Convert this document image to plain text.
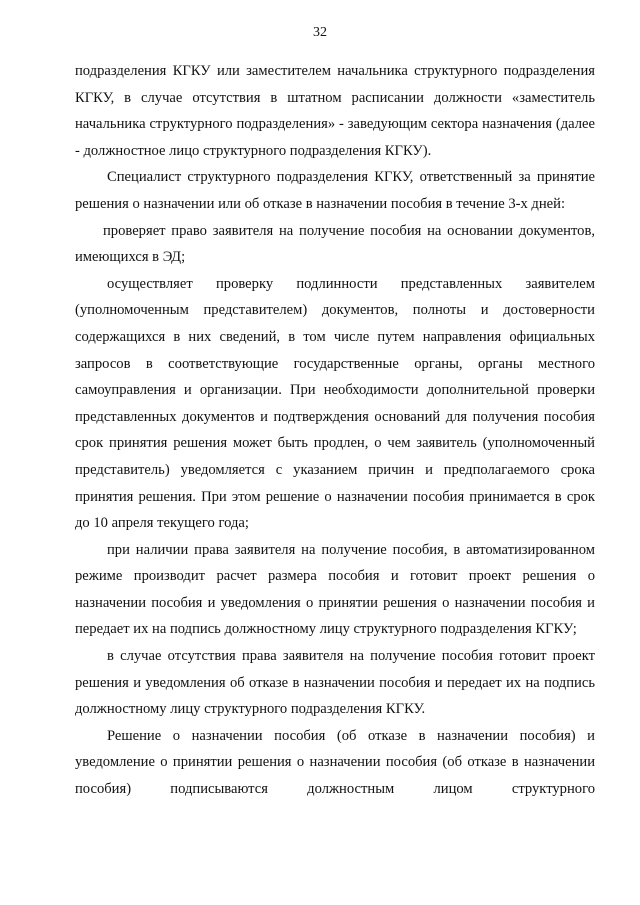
32

подразделения КГКУ или заместителем начальника структурного подразделения КГКУ, в случае отсутствия в штатном расписании должности «заместитель начальника структурного подразделения» - заведующим сектора назначения (далее - должностное лицо структурного подразделения КГКУ).

Специалист структурного подразделения КГКУ, ответственный за принятие решения о назначении или об отказе в назначении пособия в течение 3-х дней:

проверяет право заявителя на получение пособия на основании документов, имеющихся в ЭД;

осуществляет проверку подлинности представленных заявителем (уполномоченным представителем) документов, полноты и достоверности содержащихся в них сведений, в том числе путем направления официальных запросов в соответствующие государственные органы, органы местного самоуправления и организации. При необходимости дополнительной проверки представленных документов и подтверждения оснований для получения пособия срок принятия решения может быть продлен, о чем заявитель (уполномоченный представитель) уведомляется с указанием причин и предполагаемого срока принятия решения. При этом решение о назначении пособия принимается в срок до 10 апреля текущего года;

при наличии права заявителя на получение пособия, в автоматизированном режиме производит расчет размера пособия и готовит проект решения о назначении пособия и уведомления о принятии решения о назначении пособия и передает их на подпись должностному лицу структурного подразделения КГКУ;

в случае отсутствия права заявителя на получение пособия готовит проект решения и уведомления об отказе в назначении пособия и передает их на подпись должностному лицу структурного подразделения КГКУ.

Решение о назначении пособия (об отказе в назначении пособия) и уведомление о принятии решения о назначении пособия (об отказе в назначении пособия) подписываются должностным лицом структурного
